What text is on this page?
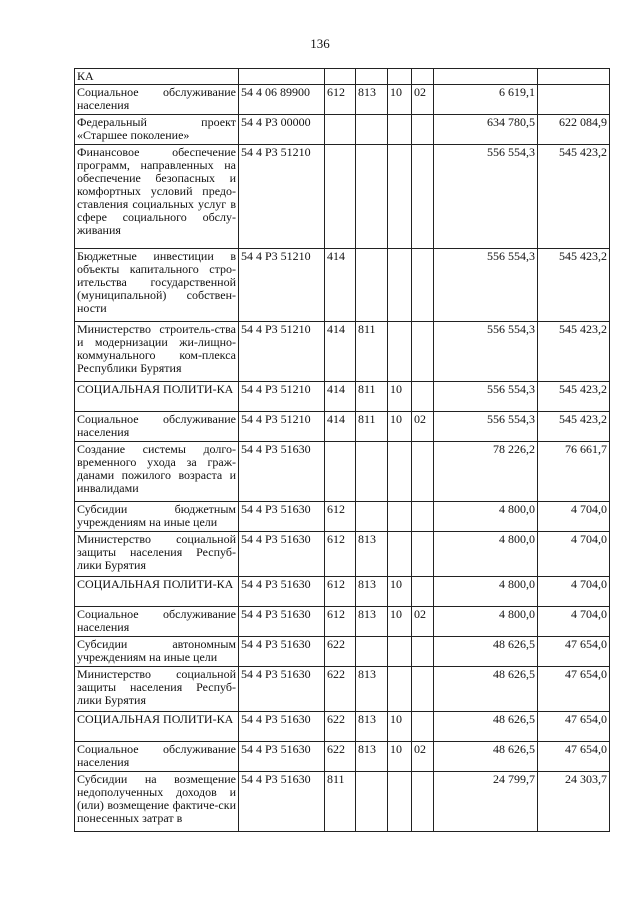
136
КА							
Социальное обслуживание населения	54 4 06 89900	612	813	10	02	6 619,1	
Федеральный проект «Старшее поколение»	54 4 P3 00000					634 780,5	622 084,9
Финансовое обеспечение программ, направленных на обеспечение безопасных и комфортных условий предо-ставления социальных услуг в сфере социального обслу-живания	54 4 P3 51210					556 554,3	545 423,2
Бюджетные инвестиции в объекты капитального стро-ительства государственной (муниципальной) собствен-ности	54 4 P3 51210	414				556 554,3	545 423,2
Министерство строитель-ства и модернизации жи-лищно-коммунального ком-плекса Республики Бурятия	54 4 P3 51210	414	811			556 554,3	545 423,2
СОЦИАЛЬНАЯ ПОЛИТИ-КА	54 4 P3 51210	414	811	10		556 554,3	545 423,2
Социальное обслуживание населения	54 4 P3 51210	414	811	10	02	556 554,3	545 423,2
Создание системы долго-временного ухода за граж-данами пожилого возраста и инвалидами	54 4 P3 51630					78 226,2	76 661,7
Субсидии бюджетным учреждениям на иные цели	54 4 P3 51630	612				4 800,0	4 704,0
Министерство социальной защиты населения Респуб-лики Бурятия	54 4 P3 51630	612	813			4 800,0	4 704,0
СОЦИАЛЬНАЯ ПОЛИТИ-КА	54 4 P3 51630	612	813	10		4 800,0	4 704,0
Социальное обслуживание населения	54 4 P3 51630	612	813	10	02	4 800,0	4 704,0
Субсидии автономным учреждениям на иные цели	54 4 P3 51630	622				48 626,5	47 654,0
Министерство социальной защиты населения Респуб-лики Бурятия	54 4 P3 51630	622	813			48 626,5	47 654,0
СОЦИАЛЬНАЯ ПОЛИТИ-КА	54 4 P3 51630	622	813	10		48 626,5	47 654,0
Социальное обслуживание населения	54 4 P3 51630	622	813	10	02	48 626,5	47 654,0
Субсидии на возмещение недополученных доходов и (или) возмещение фактиче-ски понесенных затрат в	54 4 P3 51630	811				24 799,7	24 303,7
